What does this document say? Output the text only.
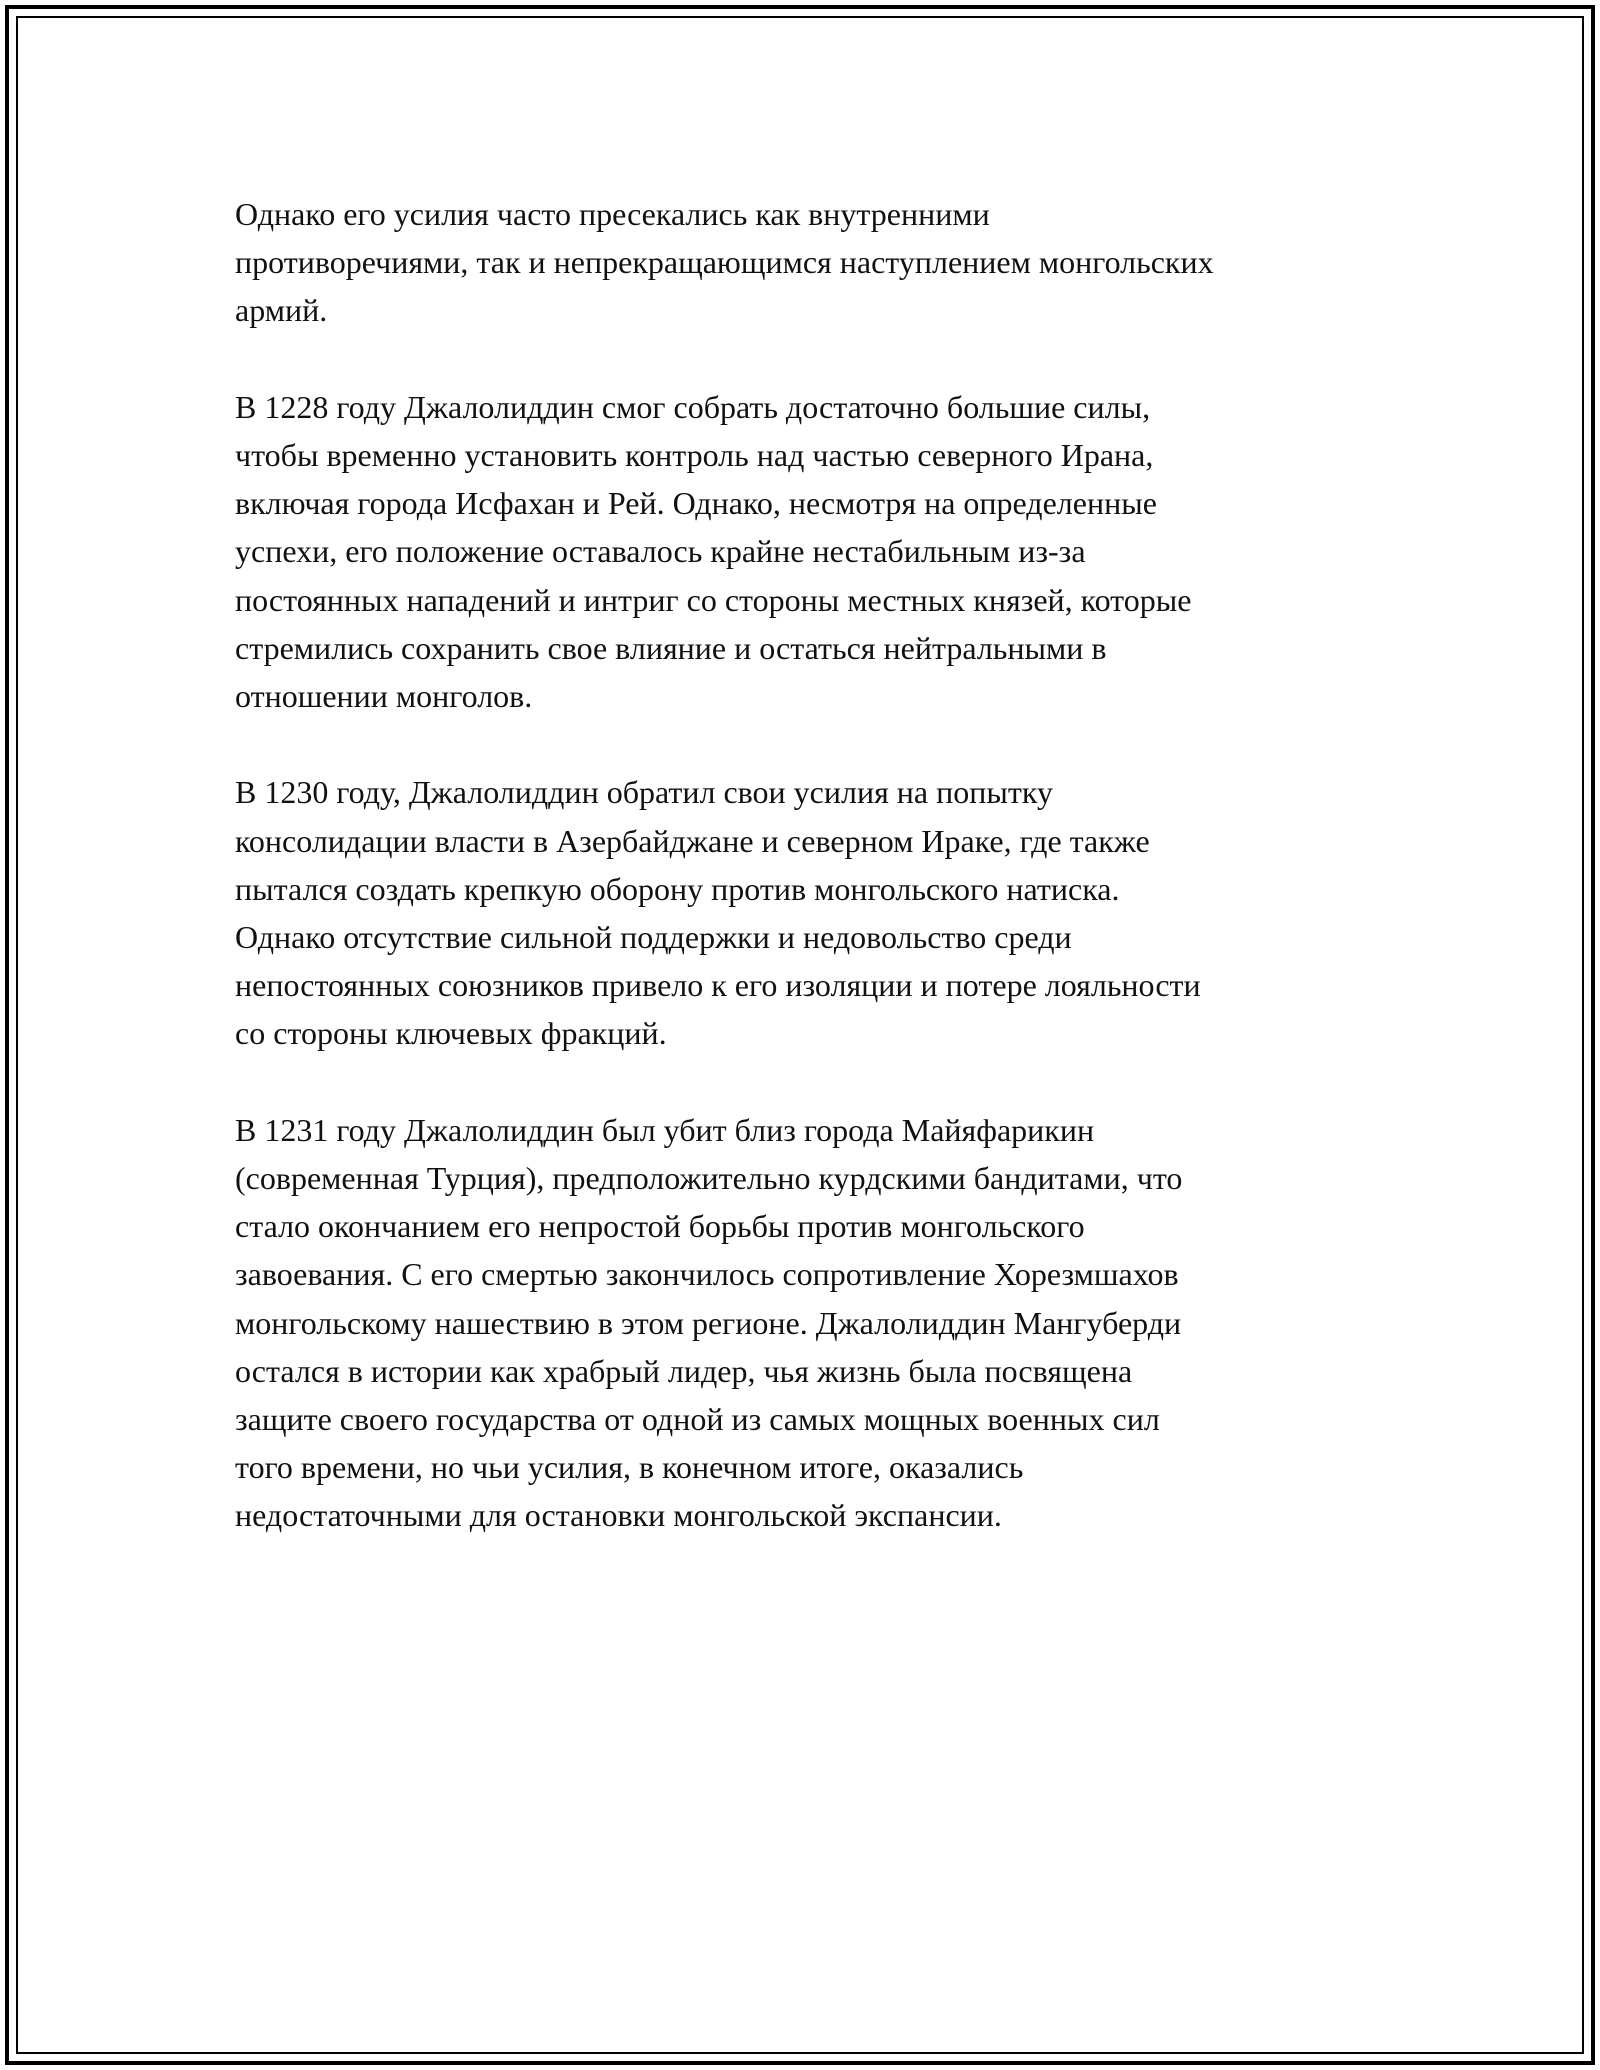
Однако его усилия часто пресекались как внутренними
противоречиями, так и непрекращающимся наступлением монгольских
армий.

В 1228 году Джалолиддин смог собрать достаточно большие силы,
чтобы временно установить контроль над частью северного Ирана,
включая города Исфахан и Рей. Однако, несмотря на определенные
успехи, его положение оставалось крайне нестабильным из-за
постоянных нападений и интриг со стороны местных князей, которые
стремились сохранить свое влияние и остаться нейтральными в
отношении монголов.

В 1230 году, Джалолиддин обратил свои усилия на попытку
консолидации власти в Азербайджане и северном Ираке, где также
пытался создать крепкую оборону против монгольского натиска.
Однако отсутствие сильной поддержки и недовольство среди
непостоянных союзников привело к его изоляции и потере лояльности
со стороны ключевых фракций.

В 1231 году Джалолиддин был убит близ города Майяфарикин
(современная Турция), предположительно курдскими бандитами, что
стало окончанием его непростой борьбы против монгольского
завоевания. С его смертью закончилось сопротивление Хорезмшахов
монгольскому нашествию в этом регионе. Джалолиддин Мангуберди
остался в истории как храбрый лидер, чья жизнь была посвящена
защите своего государства от одной из самых мощных военных сил
того времени, но чьи усилия, в конечном итоге, оказались
недостаточными для остановки монгольской экспансии.
